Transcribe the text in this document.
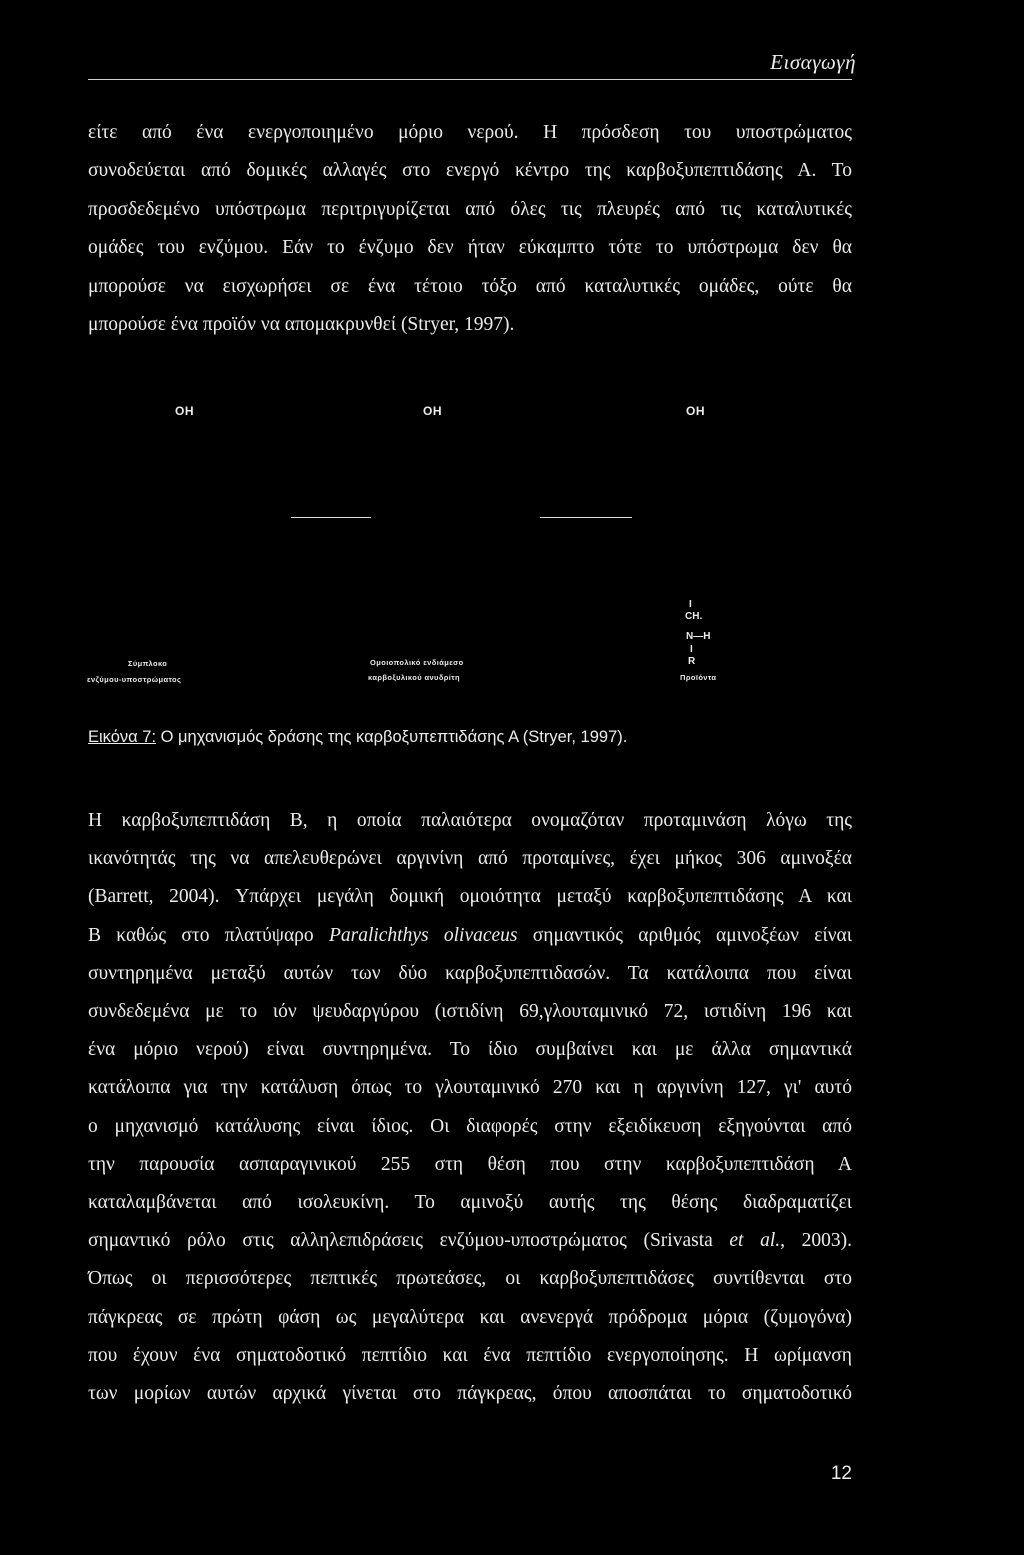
Εισαγωγή
είτε από ένα ενεργοποιημένο μόριο νερού. Η πρόσδεση του υποστρώματος
συνοδεύεται από δομικές αλλαγές στο ενεργό κέντρο της καρβοξυπεπτιδάσης Α. Το
προσδεδεμένο υπόστρωμα περιτριγυρίζεται από όλες τις πλευρές από τις καταλυτικές
ομάδες του ενζύμου. Εάν το ένζυμο δεν ήταν εύκαμπτο τότε το υπόστρωμα δεν θα
μπορούσε να εισχωρήσει σε ένα τέτοιο τόξο από καταλυτικές ομάδες, ούτε θα
μπορούσε ένα προϊόν να απομακρυνθεί (Stryer, 1997).
OH	OH	OH
I
CH.
N—H
I
R
Σύμπλοκο
ενζύμου-υποστρώματος
Ομοιοπολικό ενδιάμεσο
καρβοξυλικού ανυδρίτη	Προϊόντα
Εικόνα 7: Ο μηχανισμός δράσης της καρβοξυπεπτιδάσης Α (Stryer, 1997).
Η καρβοξυπεπτιδάση Β, η οποία παλαιότερα ονομαζόταν προταμινάση λόγω της
ικανότητάς της να απελευθερώνει αργινίνη από προταμίνες, έχει μήκος 306 αμινοξέα
(Barrett, 2004). Υπάρχει μεγάλη δομική ομοιότητα μεταξύ καρβοξυπεπτιδάσης Α και
Β καθώς στο πλατύψαρο Paralichthys olivaceus σημαντικός αριθμός αμινοξέων είναι
συντηρημένα μεταξύ αυτών των δύο καρβοξυπεπτιδασών. Τα κατάλοιπα που είναι
συνδεδεμένα με το ιόν ψευδαργύρου (ιστιδίνη 69,γλουταμινικό 72, ιστιδίνη 196 και
ένα μόριο νερού) είναι συντηρημένα. Το ίδιο συμβαίνει και με άλλα σημαντικά
κατάλοιπα για την κατάλυση όπως το γλουταμινικό 270 και η αργινίνη 127, γι' αυτό
ο μηχανισμό κατάλυσης είναι ίδιος. Οι διαφορές στην εξειδίκευση εξηγούνται από
την παρουσία ασπαραγινικού 255 στη θέση που στην καρβοξυπεπτιδάση Α
καταλαμβάνεται από ισολευκίνη. Το αμινοξύ αυτής της θέσης διαδραματίζει
σημαντικό ρόλο στις αλληλεπιδράσεις ενζύμου-υποστρώματος (Srivasta et al., 2003).
Όπως οι περισσότερες πεπτικές πρωτεάσες, οι καρβοξυπεπτιδάσες συντίθενται στο
πάγκρεας σε πρώτη φάση ως μεγαλύτερα και ανενεργά πρόδρομα μόρια (ζυμογόνα)
που έχουν ένα σηματοδοτικό πεπτίδιο και ένα πεπτίδιο ενεργοποίησης. Η ωρίμανση
των μορίων αυτών αρχικά γίνεται στο πάγκρεας, όπου αποσπάται το σηματοδοτικό
12
